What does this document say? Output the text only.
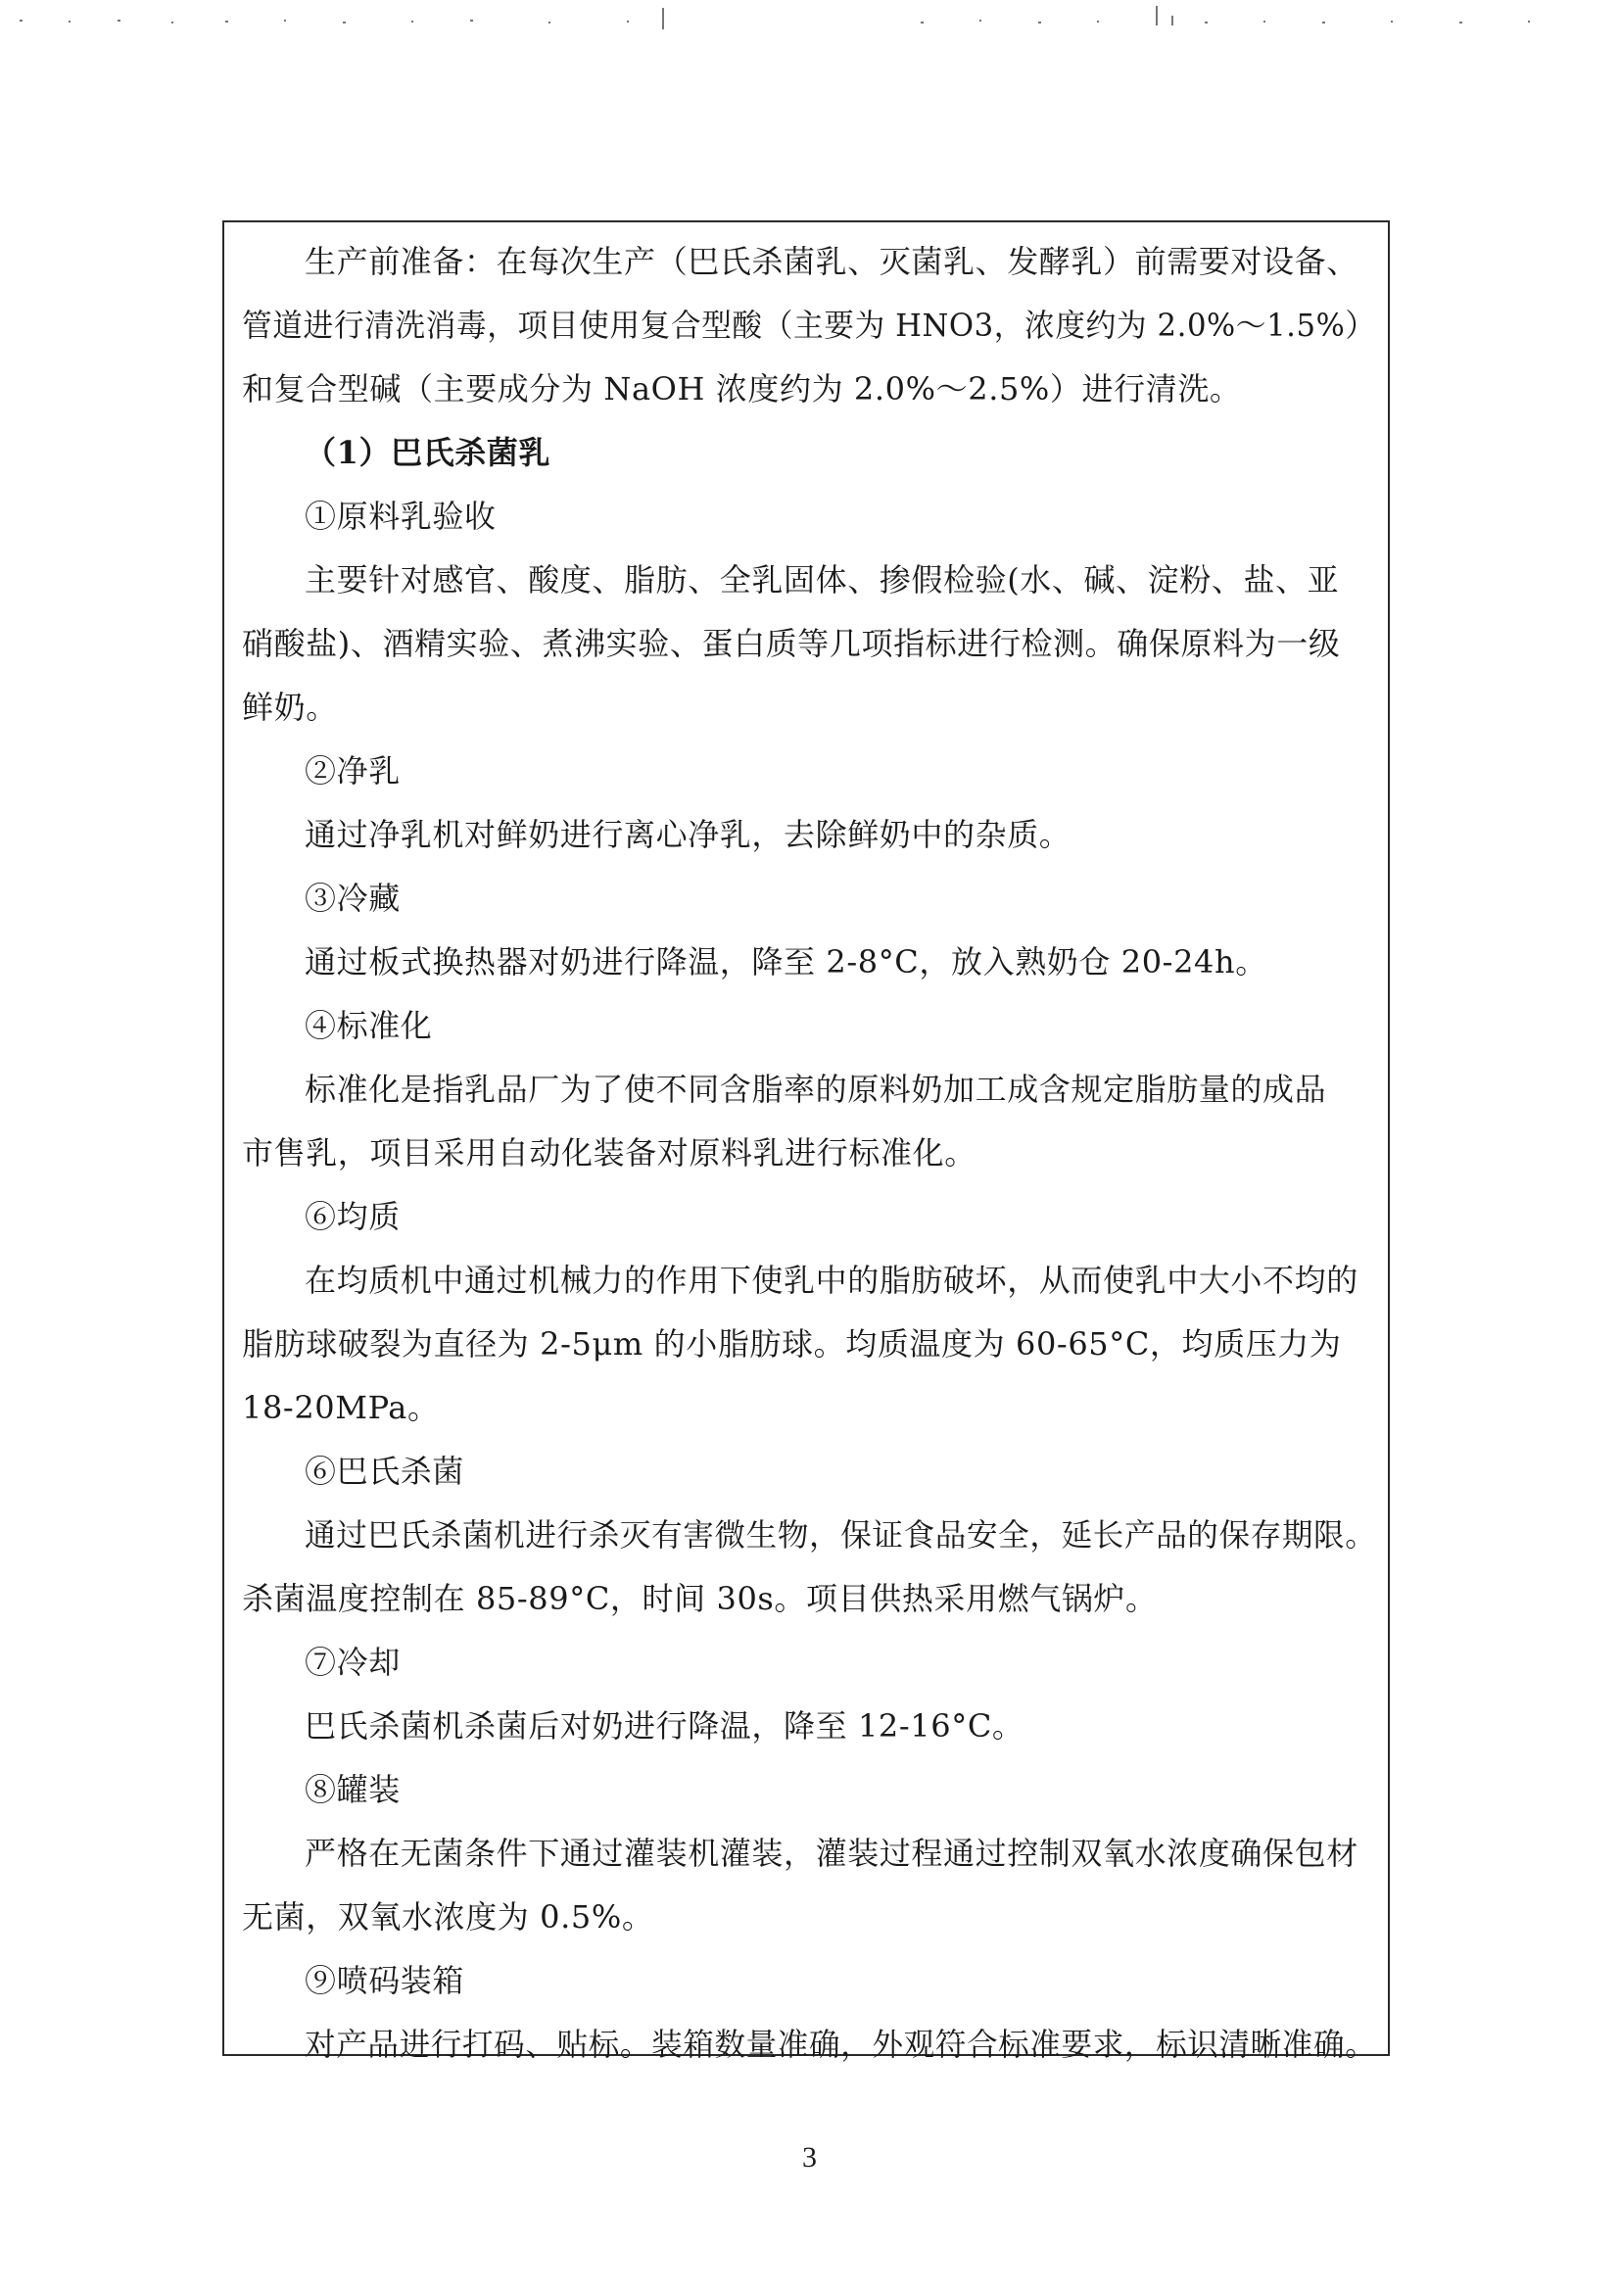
生产前准备：在每次生产（巴氏杀菌乳、灭菌乳、发酵乳）前需要对设备、
管道进行清洗消毒，项目使用复合型酸（主要为 HNO3，浓度约为 2.0%～1.5%）
和复合型碱（主要成分为 NaOH 浓度约为 2.0%～2.5%）进行清洗。
（1）巴氏杀菌乳
①原料乳验收
主要针对感官、酸度、脂肪、全乳固体、掺假检验(水、碱、淀粉、盐、亚
硝酸盐)、酒精实验、煮沸实验、蛋白质等几项指标进行检测。确保原料为一级
鲜奶。
②净乳
通过净乳机对鲜奶进行离心净乳，去除鲜奶中的杂质。
③冷藏
通过板式换热器对奶进行降温，降至 2-8°C，放入熟奶仓 20-24h。
④标准化
标准化是指乳品厂为了使不同含脂率的原料奶加工成含规定脂肪量的成品
市售乳，项目采用自动化装备对原料乳进行标准化。
⑥均质
在均质机中通过机械力的作用下使乳中的脂肪破坏，从而使乳中大小不均的
脂肪球破裂为直径为 2-5μm 的小脂肪球。均质温度为 60-65°C，均质压力为
18-20MPa。
⑥巴氏杀菌
通过巴氏杀菌机进行杀灭有害微生物，保证食品安全，延长产品的保存期限。
杀菌温度控制在 85-89°C，时间 30s。项目供热采用燃气锅炉。
⑦冷却
巴氏杀菌机杀菌后对奶进行降温，降至 12-16°C。
⑧罐装
严格在无菌条件下通过灌装机灌装，灌装过程通过控制双氧水浓度确保包材
无菌，双氧水浓度为 0.5%。
⑨喷码装箱
对产品进行打码、贴标。装箱数量准确，外观符合标准要求，标识清晰准确。
3
